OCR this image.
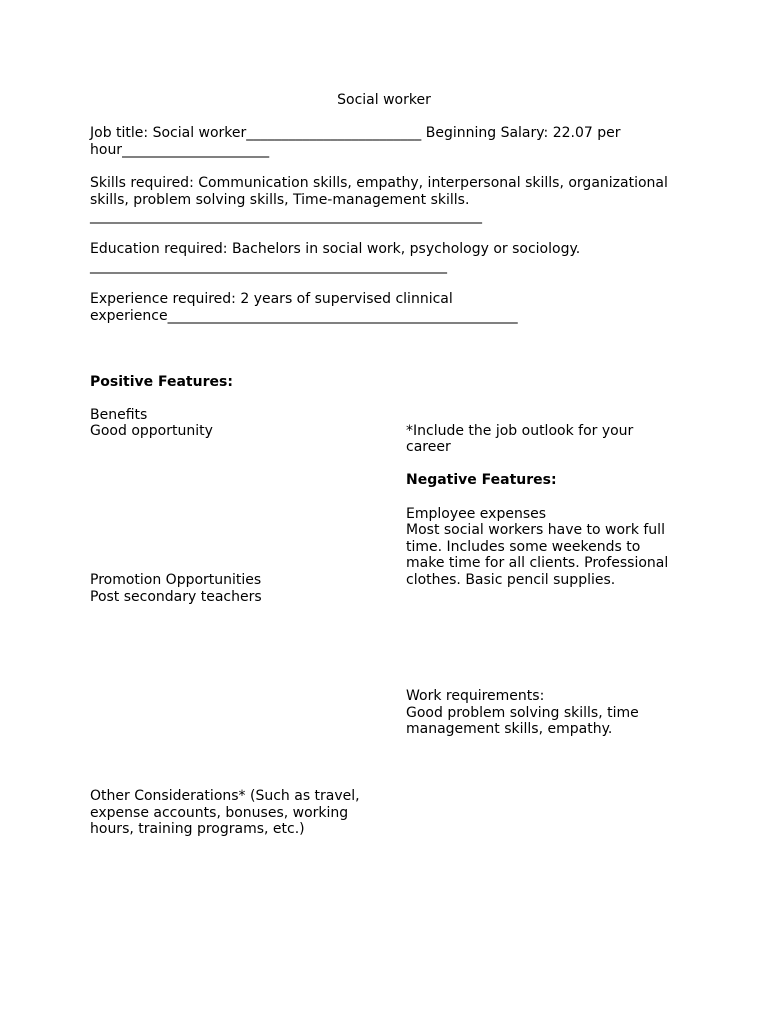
Social worker

Job title: Social worker_________________________ Beginning Salary: 22.07 per
hour_____________________

Skills required: Communication skills, empathy, interpersonal skills, organizational
skills, problem solving skills, Time-management skills.
________________________________________________________

Education required: Bachelors in social work, psychology or sociology.
___________________________________________________

Experience required: 2 years of supervised clinnical
experience__________________________________________________

Positive Features:

Benefits
Good opportunity	*Include the job outlook for your
career

Negative Features:

Employee expenses
Most social workers have to work full
time. Includes some weekends to
make time for all clients. Professional
clothes. Basic pencil supplies.

Promotion Opportunities
Post secondary teachers

Work requirements:
Good problem solving skills, time
management skills, empathy.

Other Considerations* (Such as travel,
expense accounts, bonuses, working
hours, training programs, etc.)
